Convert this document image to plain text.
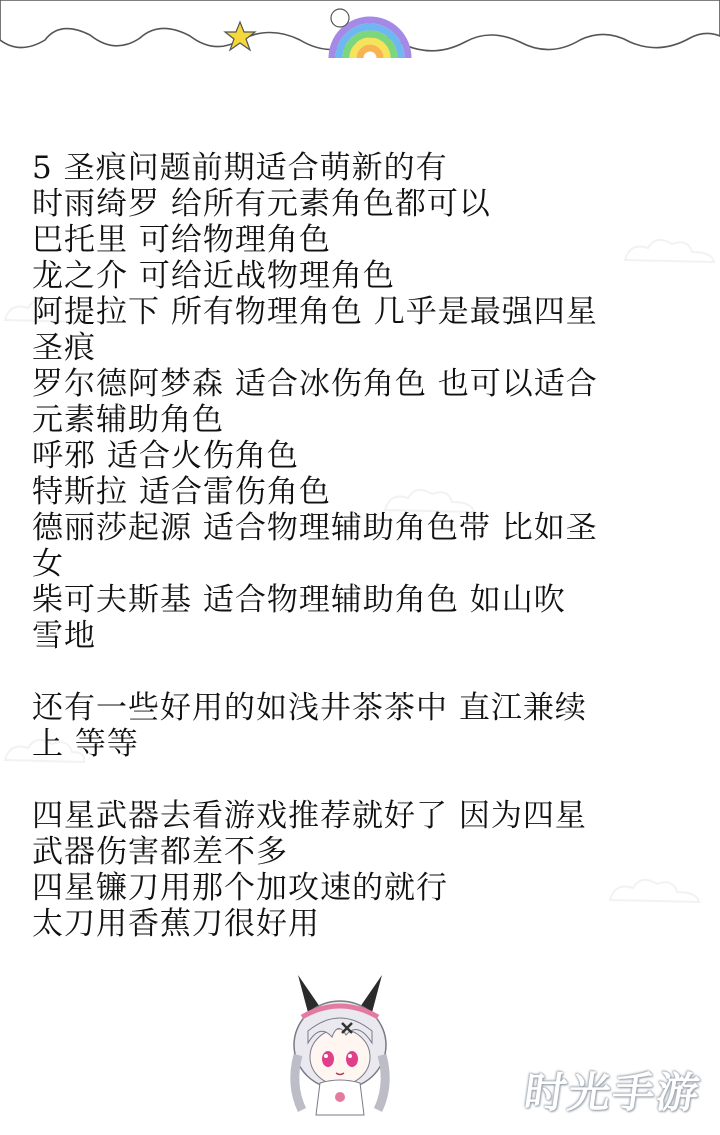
5 圣痕问题前期适合萌新的有
时雨绮罗 给所有元素角色都可以
巴托里 可给物理角色
龙之介 可给近战物理角色
阿提拉下 所有物理角色 几乎是最强四星
圣痕
罗尔德阿梦森 适合冰伤角色 也可以适合
元素辅助角色
呼邪 适合火伤角色
特斯拉 适合雷伤角色
德丽莎起源 适合物理辅助角色带 比如圣
女
柴可夫斯基 适合物理辅助角色 如山吹
雪地
还有一些好用的如浅井茶茶中 直江兼续
上 等等
四星武器去看游戏推荐就好了 因为四星
武器伤害都差不多
四星镰刀用那个加攻速的就行
太刀用香蕉刀很好用
时光手游
